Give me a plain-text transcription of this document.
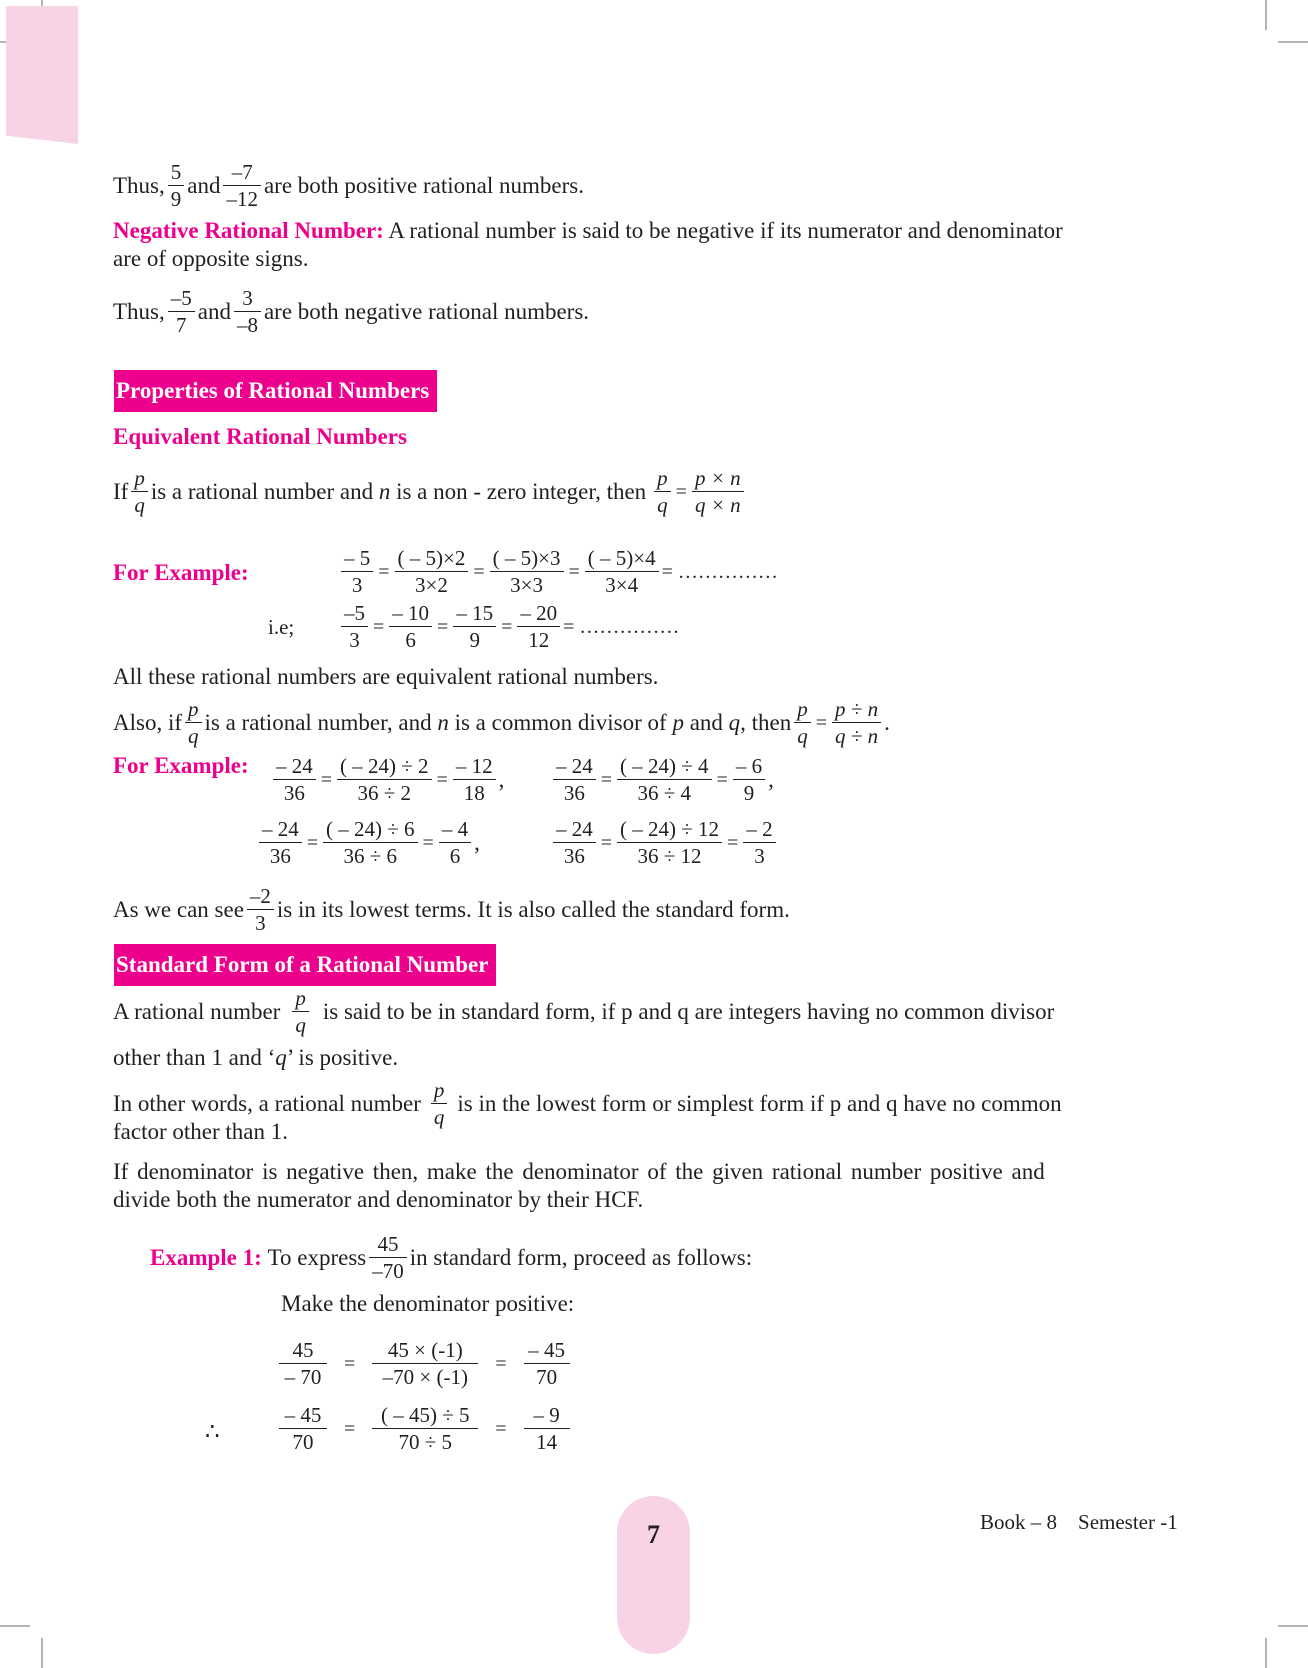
Thus, $\frac{5}{9}$ and $\frac{-7}{-12}$ are both positive rational numbers.
Negative Rational Number: A rational number is said to be negative if its numerator and denominator
are of opposite signs.
Thus, $\frac{-5}{7}$ and $\frac{3}{-8}$ are both negative rational numbers.
Properties of Rational Numbers
Equivalent Rational Numbers
If $\frac{p}{q}$ is a rational number and
n
is a non - zero integer, then $\frac{p}{q} = \frac{p \times n}{q \times n}$
For Example:	$\frac{- 5}{3} = \frac{( - 5)\times 2}{3\times 2} = \frac{( - 5)\times 3}{3\times 3} = \frac{( - 5)\times 4}{3\times 4}$ = ……………
i.e; $\frac{-5}{3} = \frac{- 10}{6} = \frac{- 15}{9} = \frac{- 20}{12}$ = ……………
All these rational numbers are equivalent rational numbers.
Also, if $\frac{p}{q}$ is a rational number, and
n
is a common divisor of
p
and
q,
then $\frac{p}{q} = \frac{p \div n}{q \div n}$ .
For Example: $\frac{- 24}{36} = \frac{( - 24) \div 2}{36 \div 2} = \frac{- 12}{18}$ , $\frac{- 24}{36} = \frac{( - 24) \div 4}{36 \div 4} = \frac{- 6}{9}$ ,
$\frac{- 24}{36} = \frac{( - 24) \div 6}{36 \div 6} = \frac{- 4}{6}$ ,	$\frac{- 24}{36} = \frac{( - 24) \div 12}{36 \div 12} = \frac{- 2}{3}$
As we can see $\frac{-2}{3}$ is in its lowest terms. It is also called the standard form.
Standard Form of a Rational Number
A rational number $\frac{p}{q}$ is said to be in standard form, if p and q are integers having no common divisor
other than 1 and ‘q’ is positive.
In other words, a rational number $\frac{p}{q}$ is in the lowest form or simplest form if p and q have no common
factor other than 1.
If denominator is negative then, make the denominator of the given rational number positive and
divide both the numerator and denominator by their HCF.
Example 1:
To express $\frac{45}{-70}$ in standard form, proceed as follows:
Make the denominator positive:
∴
$\frac{45}{- 70} = \frac{45 \times (-1)}{-70 \times (-1)} = \frac{- 45}{70}$
$\frac{- 45}{70} = \frac{( - 45) \div 5}{70 \div 5} = \frac{- 9}{14}$
7	Book – 8 Semester -1
